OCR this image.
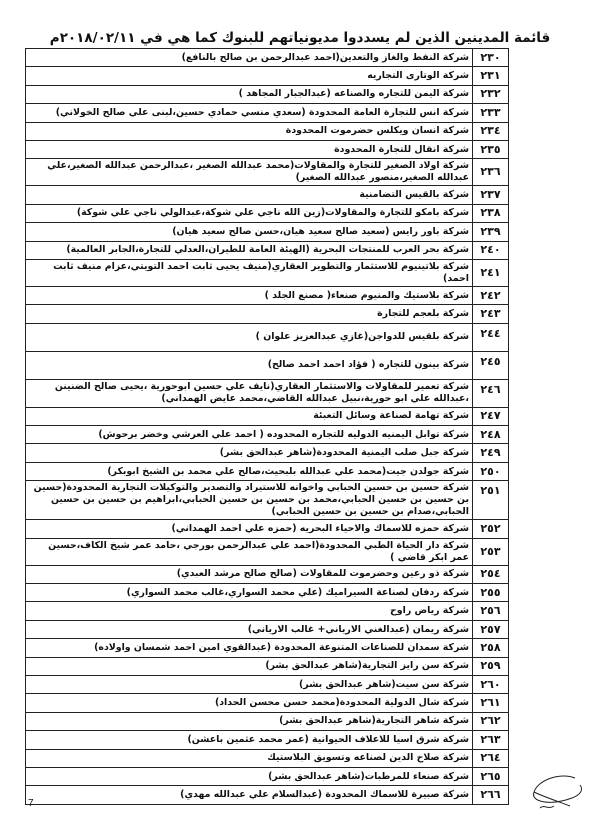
قائمة المدينين الذين لم يسددوا مديونياتهم للبنوك كما هي في ٢٠١٨/٠٢/١١م
٢٣٠	شركة النفط والغاز والتعدين(احمد عبدالرحمن بن صالح بالنافع)
٢٣١	شركة الوتارى التجاريه
٢٣٢	شركة اليمن للتجاره والصناعه (عبدالجبار المجاهد )
٢٣٣	شركة انس للتجارة العامة المحدودة (سعدي منسي حمادي حسين،لبنى علي صالح الخولاني)
٢٣٤	شركة انسان ويكلس حضرموت المحدودة
٢٣٥	شركة انقال للتجارة المحدودة
٢٣٦	شركة اولاد الصغير للتجارة والمقاولات(محمد عبدالله الصغير ،عبدالرحمن عبدالله الصغير،علي عبدالله الصغير،منصور عبدالله الصغير)
٢٣٧	شركة بالقيس التضامنية
٢٣٨	شركة بامكو للتجارة والمقاولات(زين الله ناجي علي شوكة،عبدالولي ناجي علي شوكة)
٢٣٩	شركة باور رايس (سعيد صالح سعيد هيان،حسن صالح سعيد هيان)
٢٤٠	شركة بحر العرب للمنتجات البحرية (الهيئة العامة للطيران،العدلي للتجارة،الجابر العالمية)
٢٤١	شركة بلاتينيوم للاستثمار والتطوير العقاري(منيف يحيى ثابت احمد التويتي،عزام منيف ثابت احمد)
٢٤٢	شركة بلاستيك والمنيوم صنعاء( مصنع الجلد )
٢٤٣	شركة بلعجم للتجارة
٢٤٤	شركة بلقيس للدواجن(غازي عبدالعزيز علوان )
٢٤٥	شركة بينون للتجاره ( فؤاد احمد احمد صالح)
٢٤٦	شركة تعمير للمقاولات والاستثمار العقاري(نايف علي حسين ابوحورية ،يحيى صالح الضنينن ،عبدالله علي ابو حورية،نبيل عبدالله القاضي،محمد عايض الهمداني)
٢٤٧	شركة تهامة لصناعة وسائل التعبئة
٢٤٨	شركة توابل اليمنيه الدوليه للتجاره المحدوده ( احمد علي العرشي وخضر برحوش)
٢٤٩	شركة جبل صلب اليمنية المحدودة(شاهر عبدالحق بشر)
٢٥٠	شركة جولدن جيت(محمد علي عبدالله بلبحيث،صالح علي محمد بن الشيخ ابوبكر)
٢٥١	شركة حسين بن حسين الحبابي واخوانه للاستيراد والتصدير والتوكيلات التجارية المحدودة(حسين بن حسين بن حسين الحبابي،محمد بن حسين بن حسين الحبابي،ابراهيم بن حسين بن حسين الحبابي،صدام بن حسين بن حسين الحبابي)
٢٥٢	شركة حمزه للاسماك والاحياء البحريه (حمزه علي احمد الهمداني)
٢٥٣	شركة دار الحياة الطبي المحدودة(احمد علي عبدالرحمن بورجي ،حامد عمر شيخ الكاف،حسين عمر ابكر قاضي )
٢٥٤	شركة ذو رعين وحضرموت للمقاولات (صالح صالح مرشد العبدي)
٢٥٥	شركة ردفان لصناعة السيراميك (علي محمد السواري،غالب محمد السواري)
٢٥٦	شركة رياض راوح
٢٥٧	شركة ريمان (عبدالغني الارياني+ غالب الارياني)
٢٥٨	شركة سمدان للصناعات المتنوعة المحدودة (عبدالقوي امين احمد شمسان واولاده)
٢٥٩	شركة سن رايز التجارية(شاهر عبدالحق بشر)
٢٦٠	شركة سن سيت(شاهر عبدالحق بشر)
٢٦١	شركة شال الدولية المحدودة(محمد حسن محسن الحداد)
٢٦٢	شركة شاهر التجارية(شاهر عبدالحق بشر)
٢٦٣	شركة شرق اسيا للاعلاف الحيوانية (عمر محمد عثمين باعشن)
٢٦٤	شركة صلاح الدين لصناعه وتسويق البلاستيك
٢٦٥	شركة صنعاء للمرطبات(شاهر عبدالحق بشر)
٢٦٦	شركة صبيرة للاسماك المحدودة (عبدالسلام علي عبدالله مهدي)
7
